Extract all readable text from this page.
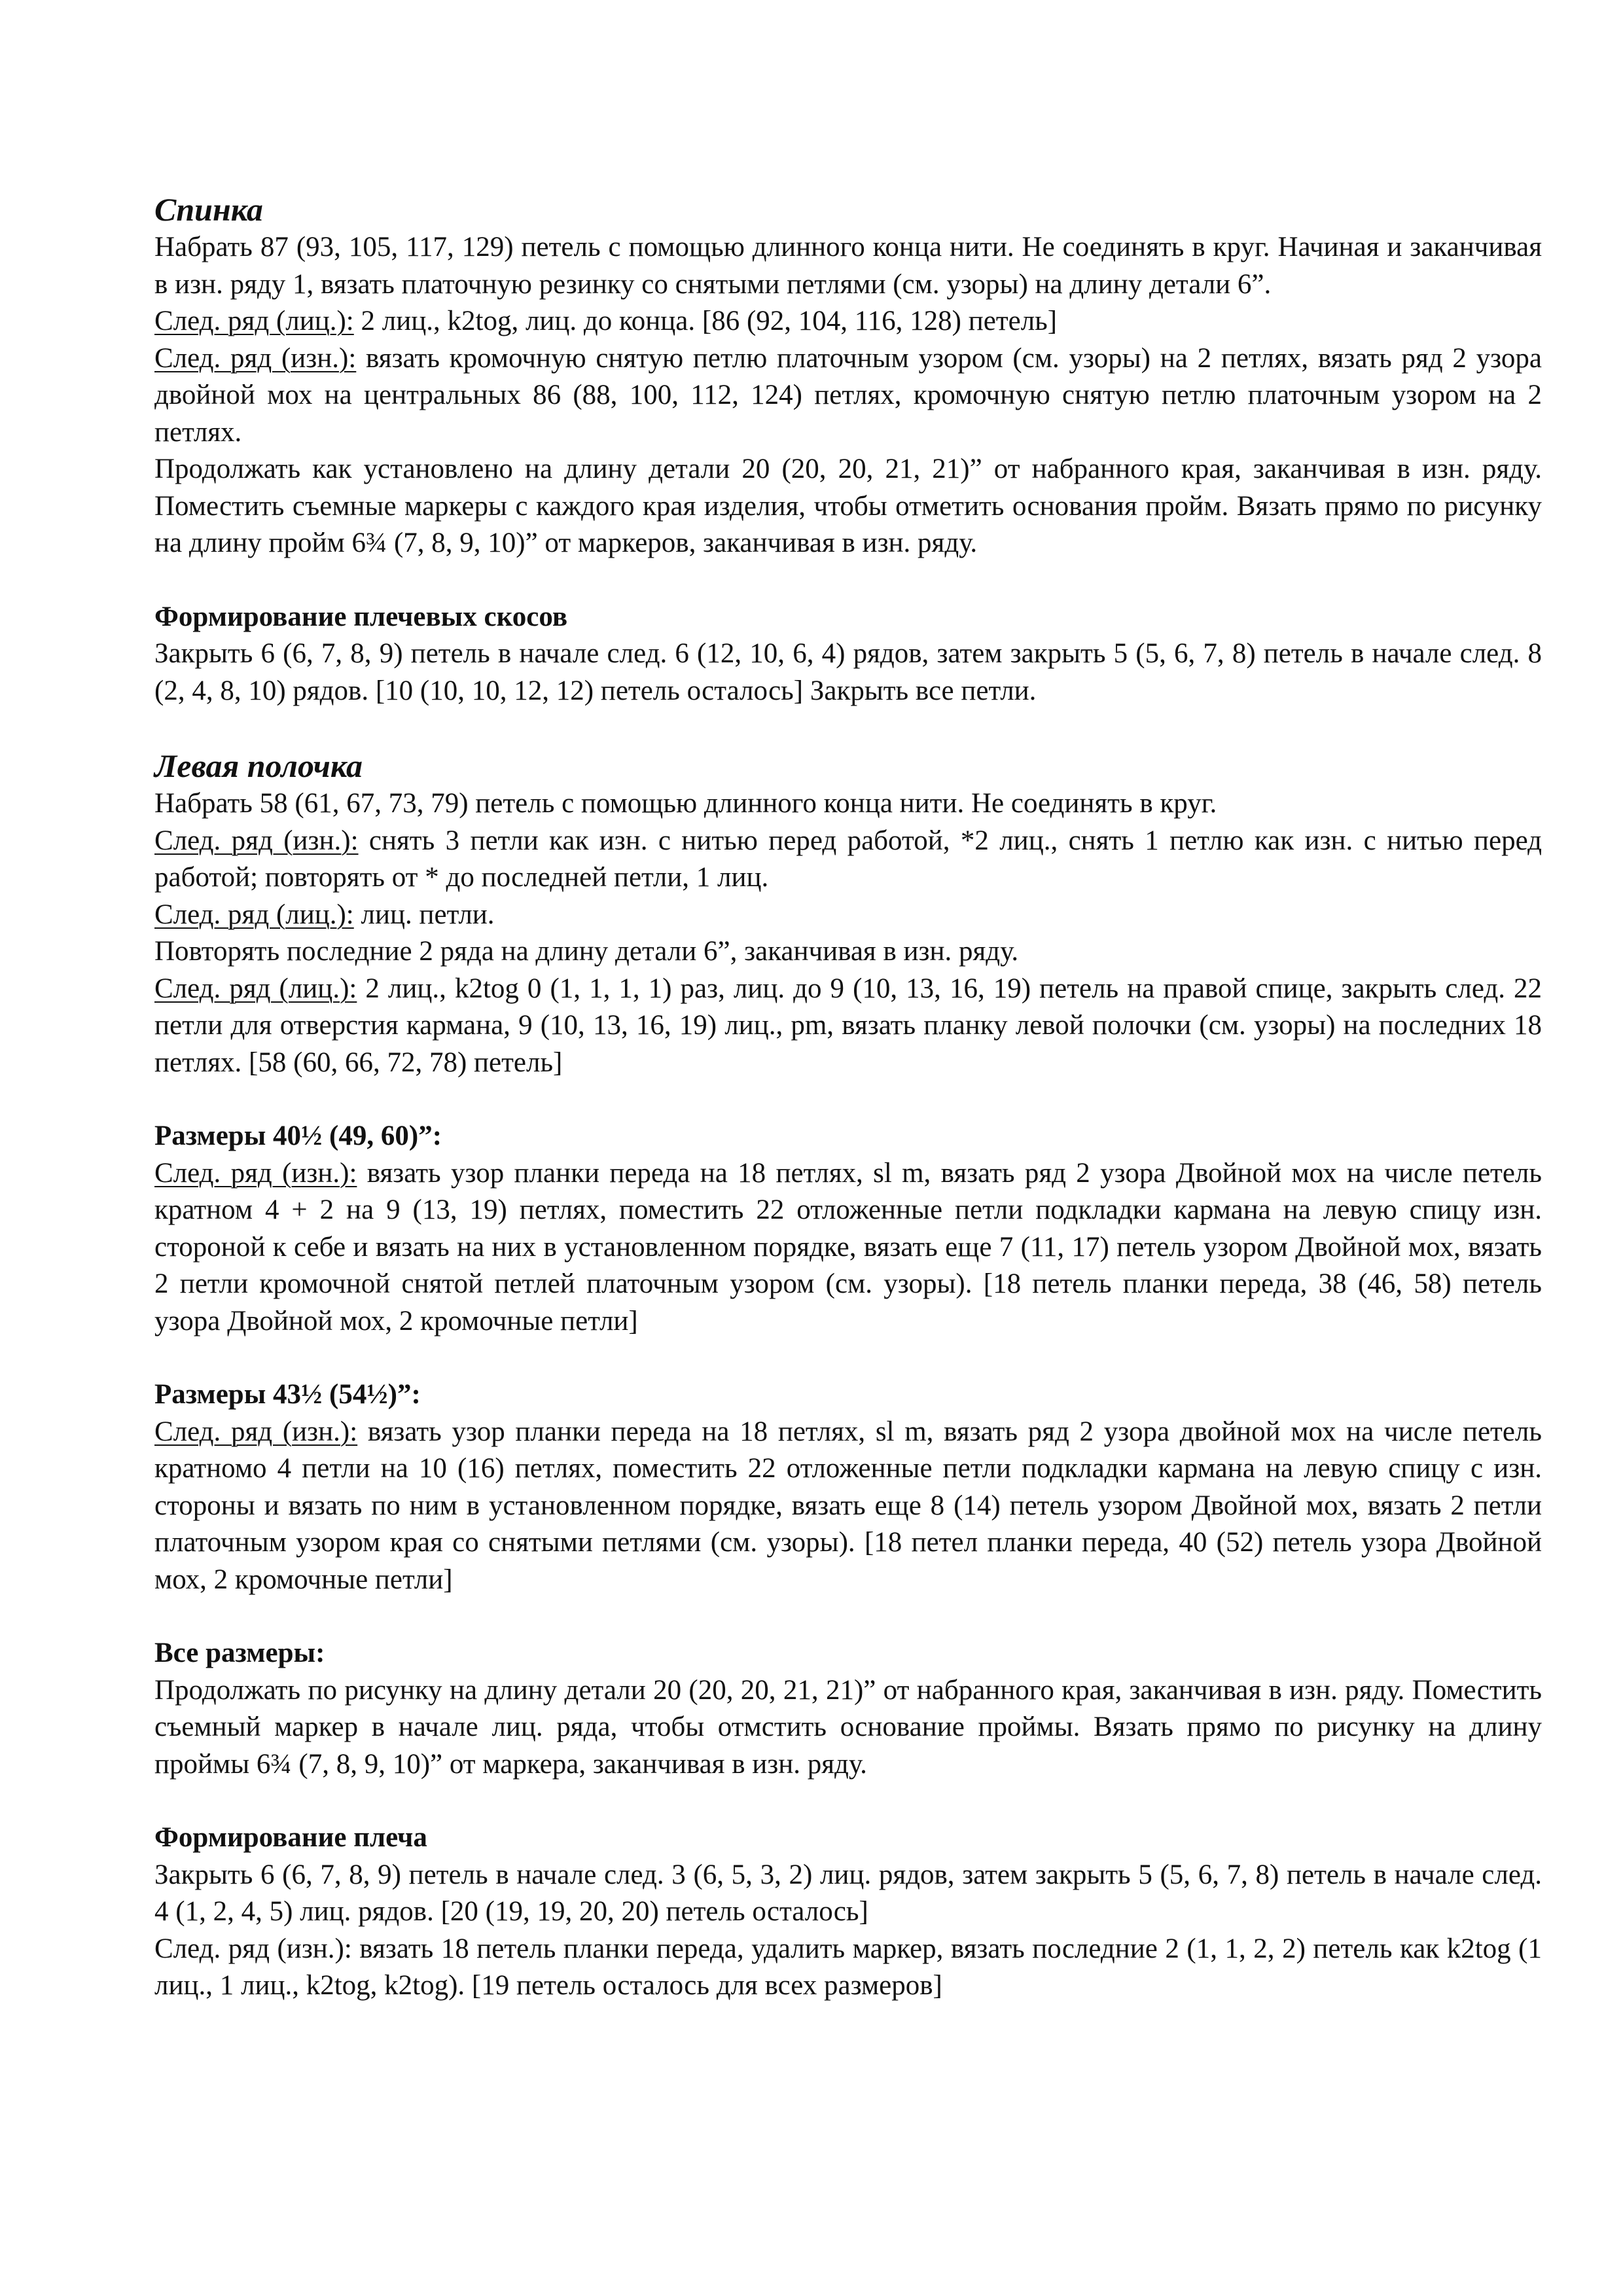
Спинка

Набрать 87 (93, 105, 117, 129) петель с помощью длинного конца нити. Не соединять в круг. Начиная и заканчивая в изн. ряду 1, вязать платочную резинку со снятыми петлями (см. узоры) на длину детали 6”.

След. ряд (лиц.): 2 лиц., k2tog, лиц. до конца. [86 (92, 104, 116, 128) петель]

След. ряд (изн.): вязать кромочную снятую петлю платочным узором (см. узоры) на 2 петлях, вязать ряд 2 узора двойной мох на центральных 86 (88, 100, 112, 124) петлях, кромочную снятую петлю платочным узором на 2 петлях.

Продолжать как установлено на длину детали 20 (20, 20, 21, 21)” от набранного края, заканчивая в изн. ряду. Поместить съемные маркеры с каждого края изделия, чтобы отметить основания пройм. Вязать прямо по рисунку на длину пройм 6¾ (7, 8, 9, 10)” от маркеров, заканчивая в изн. ряду.

Формирование плечевых скосов

Закрыть 6 (6, 7, 8, 9) петель в начале след. 6 (12, 10, 6, 4) рядов, затем закрыть 5 (5, 6, 7, 8) петель в начале след. 8 (2, 4, 8, 10) рядов. [10 (10, 10, 12, 12) петель осталось] Закрыть все петли.

Левая полочка

Набрать 58 (61, 67, 73, 79) петель с помощью длинного конца нити. Не соединять в круг.

След. ряд (изн.): снять 3 петли как изн. с нитью перед работой, *2 лиц., снять 1 петлю как изн. с нитью перед работой; повторять от * до последней петли, 1 лиц.

След. ряд (лиц.): лиц. петли.

Повторять последние 2 ряда на длину детали 6”, заканчивая в изн. ряду.

След. ряд (лиц.): 2 лиц., k2tog 0 (1, 1, 1, 1) раз, лиц. до 9 (10, 13, 16, 19) петель на правой спице, закрыть след. 22 петли для отверстия кармана, 9 (10, 13, 16, 19) лиц., pm, вязать планку левой полочки (см. узоры) на последних 18 петлях. [58 (60, 66, 72, 78) петель]

Размеры 40½ (49, 60)”:

След. ряд (изн.): вязать узор планки переда на 18 петлях, sl m, вязать ряд 2 узора Двойной мох на числе петель кратном 4 + 2 на 9 (13, 19) петлях, поместить 22 отложенные петли подкладки кармана на левую спицу изн. стороной к себе и вязать на них в установленном порядке, вязать еще 7 (11, 17) петель узором Двойной мох, вязать 2 петли кромочной снятой петлей платочным узором (см. узоры). [18 петель планки переда, 38 (46, 58) петель узора Двойной мох, 2 кромочные петли]

Размеры 43½ (54½)”:

След. ряд (изн.): вязать узор планки переда на 18 петлях, sl m, вязать ряд 2 узора двойной мох на числе петель кратномо 4 петли на 10 (16) петлях, поместить 22 отложенные петли подкладки кармана на левую спицу с изн. стороны и вязать по ним в установленном порядке, вязать еще 8 (14) петель узором Двойной мох, вязать 2 петли платочным узором края со снятыми петлями (см. узоры). [18 петел планки переда, 40 (52) петель узора Двойной мох, 2 кромочные петли]

Все размеры:

Продолжать по рисунку на длину детали 20 (20, 20, 21, 21)” от набранного края, заканчивая в изн. ряду. Поместить съемный маркер в начале лиц. ряда, чтобы отмстить основание проймы. Вязать прямо по рисунку на длину проймы 6¾ (7, 8, 9, 10)” от маркера, заканчивая в изн. ряду.

Формирование плеча

Закрыть 6 (6, 7, 8, 9) петель в начале след. 3 (6, 5, 3, 2) лиц. рядов, затем закрыть 5 (5, 6, 7, 8) петель в начале след. 4 (1, 2, 4, 5) лиц. рядов. [20 (19, 19, 20, 20) петель осталось]

След. ряд (изн.): вязать 18 петель планки переда, удалить маркер, вязать последние 2 (1, 1, 2, 2) петель как k2tog (1 лиц., 1 лиц., k2tog, k2tog). [19 петель осталось для всех размеров]
